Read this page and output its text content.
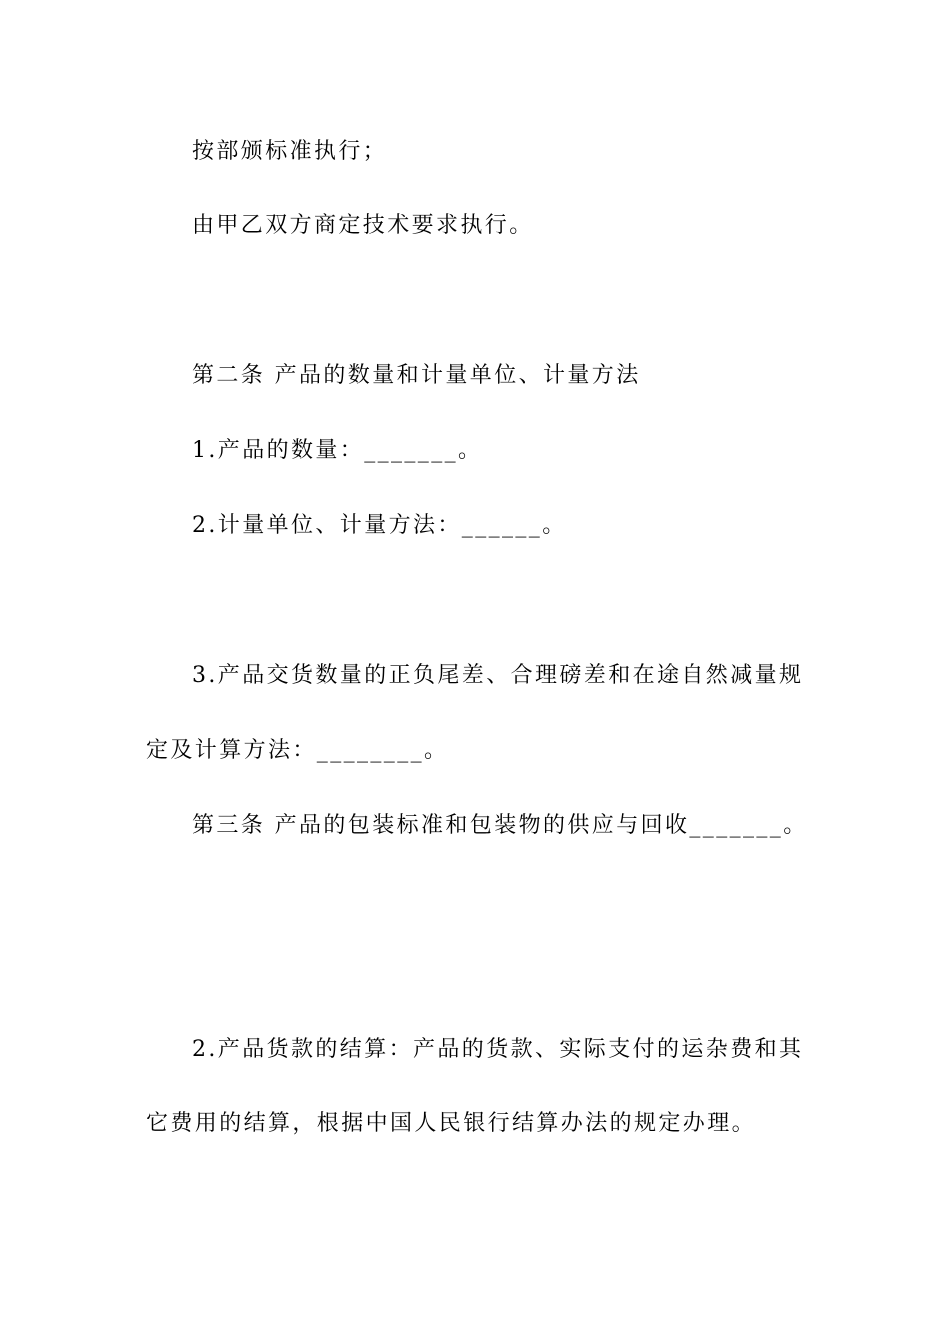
按部颁标准执行；

由甲乙双方商定技术要求执行。

第二条 产品的数量和计量单位、计量方法

1.产品的数量：_______。

2.计量单位、计量方法：______。

3.产品交货数量的正负尾差、合理磅差和在途自然减量规

定及计算方法：________。

第三条 产品的包装标准和包装物的供应与回收_______。

2.产品货款的结算：产品的货款、实际支付的运杂费和其

它费用的结算，根据中国人民银行结算办法的规定办理。
